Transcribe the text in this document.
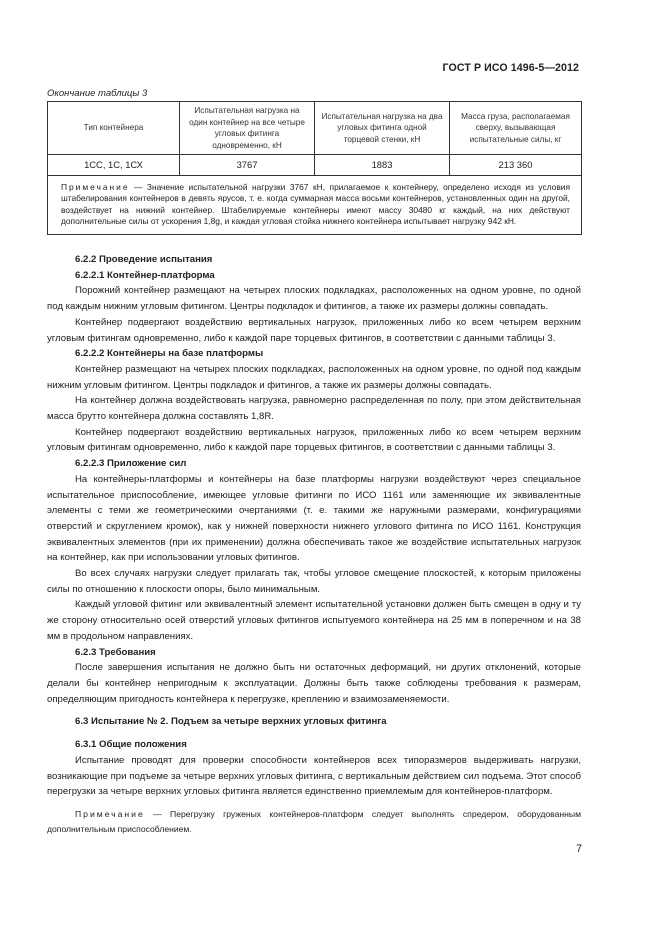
ГОСТ Р ИСО 1496-5—2012
Окончание таблицы 3
Тип контейнера	Испытательная нагрузка на один контейнер на все четыре угловых фитинга одновременно, кН	Испытательная нагрузка на два угловых фитинга одной торцевой стенки, кН	Масса груза, располагаемая сверху, вызывающая испытательные силы, кг
1СС, 1С, 1СХ	3767	1883	213 360
Примечание — Значение испытательной нагрузки 3767 кН, прилагаемое к контейнеру, определено исходя из условия штабелирования контейнеров в девять ярусов, т. е. когда суммарная масса восьми контейнеров, установленных один на другой, воздействует на нижний контейнер. Штабелируемые контейнеры имеют массу 30480 кг каждый, на них действуют дополнительные силы от ускорения 1,8g, и каждая угловая стойка нижнего контейнера испытывает нагрузку 942 кН.			
6.2.2 Проведение испытания
6.2.2.1 Контейнер-платформа

Порожний контейнер размещают на четырех плоских подкладках, расположенных на одном уровне, по одной под каждым нижним угловым фитингом. Центры подкладок и фитингов, а также их размеры должны совпадать.

Контейнер подвергают воздействию вертикальных нагрузок, приложенных либо ко всем четырем верхним угловым фитингам одновременно, либо к каждой паре торцевых фитингов, в соответствии с данными таблицы 3.

6.2.2.2 Контейнеры на базе платформы

Контейнер размещают на четырех плоских подкладках, расположенных на одном уровне, по одной под каждым нижним угловым фитингом. Центры подкладок и фитингов, а также их размеры должны совпадать.

На контейнер должна воздействовать нагрузка, равномерно распределенная по полу, при этом действительная масса брутто контейнера должна составлять 1,8R.

Контейнер подвергают воздействию вертикальных нагрузок, приложенных либо ко всем четырем верхним угловым фитингам одновременно, либо к каждой паре торцевых фитингов, в соответствии с данными таблицы 3.

6.2.2.3 Приложение сил

На контейнеры-платформы и контейнеры на базе платформы нагрузки воздействуют через специальное испытательное приспособление, имеющее угловые фитинги по ИСО 1161 или заменяющие их эквивалентные элементы с теми же геометрическими очертаниями (т. е. такими же наружными размерами, конфигурациями отверстий и скруглением кромок), как у нижней поверхности нижнего углового фитинга по ИСО 1161. Конструкция эквивалентных элементов (при их применении) должна обеспечивать такое же воздействие испытательных нагрузок на контейнер, как при использовании угловых фитингов.

Во всех случаях нагрузки следует прилагать так, чтобы угловое смещение плоскостей, к которым приложены силы по отношению к плоскости опоры, было минимальным.

Каждый угловой фитинг или эквивалентный элемент испытательной установки должен быть смещен в одну и ту же сторону относительно осей отверстий угловых фитингов испытуемого контейнера на 25 мм в поперечном и на 38 мм в продольном направлениях.

6.2.3 Требования

После завершения испытания не должно быть ни остаточных деформаций, ни других отклонений, которые делали бы контейнер непригодным к эксплуатации. Должны быть также соблюдены требования к размерам, определяющим пригодность контейнера к перегрузке, креплению и взаимозаменяемости.

6.3 Испытание № 2. Подъем за четыре верхних угловых фитинга
6.3.1 Общие положения

Испытание проводят для проверки способности контейнеров всех типоразмеров выдерживать нагрузки, возникающие при подъеме за четыре верхних угловых фитинга, с вертикальным действием сил подъема. Этот способ перегрузки за четыре верхних угловых фитинга является единственно приемлемым для контейнеров-платформ.

Примечание — Перегрузку груженых контейнеров-платформ следует выполнять спредером, оборудованным дополнительным приспособлением.

7
